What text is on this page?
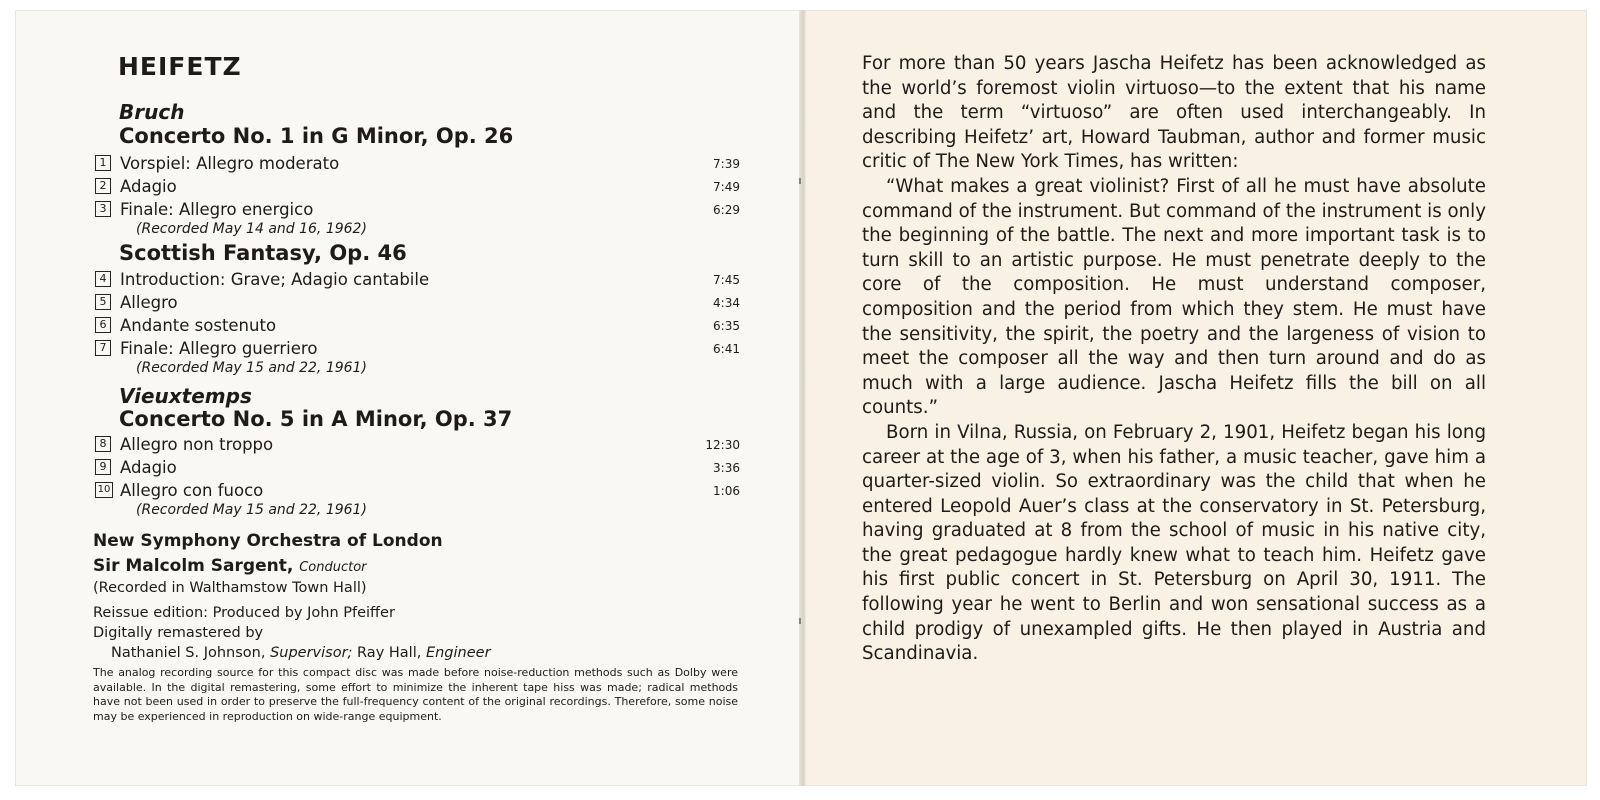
HEIFETZ
Bruch
Concerto No. 1 in G Minor, Op. 26
1 Vorspiel: Allegro moderato	7:39
2 Adagio	7:49
3 Finale: Allegro energico	6:29
(Recorded May 14 and 16, 1962)
Scottish Fantasy, Op. 46
4 Introduction: Grave; Adagio cantabile	7:45
5 Allegro	4:34
6 Andante sostenuto	6:35
7 Finale: Allegro guerriero	6:41
(Recorded May 15 and 22, 1961)
Vieuxtemps
Concerto No. 5 in A Minor, Op. 37
8 Allegro non troppo	12:30
9 Adagio	3:36
10 Allegro con fuoco	1:06
(Recorded May 15 and 22, 1961)
New Symphony Orchestra of London
Sir Malcolm Sargent, Conductor
(Recorded in Walthamstow Town Hall)
Reissue edition: Produced by John Pfeiffer
Digitally remastered by
Nathaniel S. Johnson, Supervisor; Ray Hall, Engineer

The analog recording source for this compact disc was made before noise-reduction methods such as Dolby were available. In the digital remastering, some effort to minimize the inherent tape hiss was made; radical methods have not been used in order to preserve the full-frequency content of the original recordings. Therefore, some noise may be experienced in reproduction on wide-range equipment.

For more than 50 years Jascha Heifetz has been acknowledged as the world’s foremost violin virtuoso—to the extent that his name and the term “virtuoso” are often used interchangeably. In describing Heifetz’ art, Howard Taubman, author and former music critic of The New York Times, has written:

“What makes a great violinist? First of all he must have absolute command of the instrument. But command of the instrument is only the beginning of the battle. The next and more important task is to turn skill to an artistic purpose. He must penetrate deeply to the core of the composition. He must understand composer, composition and the period from which they stem. He must have the sensitivity, the spirit, the poetry and the largeness of vision to meet the composer all the way and then turn around and do as much with a large audience. Jascha Heifetz fills the bill on all counts.”

Born in Vilna, Russia, on February 2, 1901, Heifetz began his long career at the age of 3, when his father, a music teacher, gave him a quarter-sized violin. So extraordinary was the child that when he entered Leopold Auer’s class at the conservatory in St. Petersburg, having graduated at 8 from the school of music in his native city, the great pedagogue hardly knew what to teach him. Heifetz gave his first public concert in St. Petersburg on April 30, 1911. The following year he went to Berlin and won sensational success as a child prodigy of unexampled gifts. He then played in Austria and Scandinavia.
